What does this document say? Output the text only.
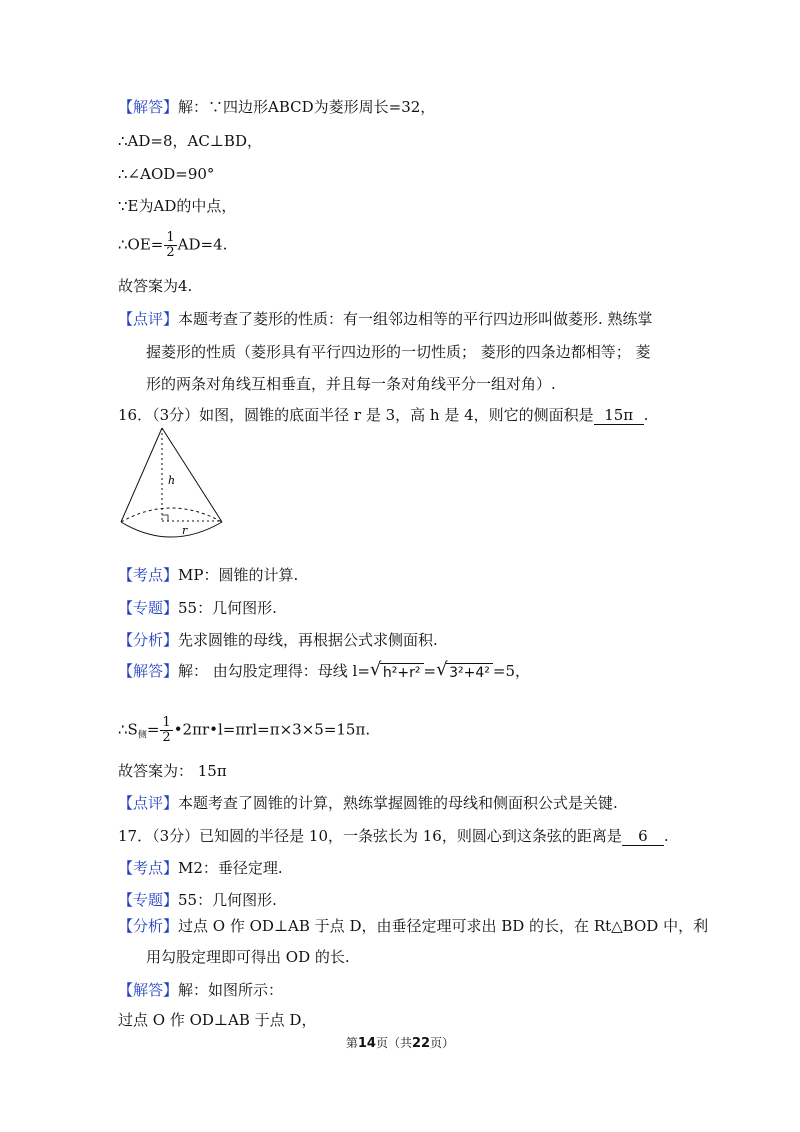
【解答】解：∵四边形ABCD为菱形周长=32，
∴AD=8，AC⊥BD，
∴∠AOD=90°
∵E为AD的中点，
∴OE= $\frac{1}{2} AD=4$.
故答案为4.
【点评】本题考查了菱形的性质：有一组邻边相等的平行四边形叫做菱形. 熟练掌
握菱形的性质（菱形具有平行四边形的一切性质； 菱形的四条边都相等； 菱
形的两条对角线互相垂直，并且每一条对角线平分一组对角）.
16．（3分）如图，圆锥的底面半径 r 是 3，高 h 是 4，则它的侧面积是 15π .
h
r
【考点】MP：圆锥的计算.
【专题】55：几何图形.
【分析】先求圆锥的母线，再根据公式求侧面积.
【解答】解： 由勾股定理得：母线 l= √ h²+r² = √ 3²+4² =5，
$\therefore S_侧= \frac{1}{2}$ •2πr•l=πrl=π×3×5=15π.
故答案为： 15π
【点评】本题考查了圆锥的计算，熟练掌握圆锥的母线和侧面积公式是关键.
17．（3分）已知圆的半径是 10，一条弦长为 16，则圆心到这条弦的距离是 6 .
【考点】M2：垂径定理.
【专题】55：几何图形.
【分析】过点 O 作 OD⊥AB 于点 D，由垂径定理可求出 BD 的长，在 Rt△BOD 中，利
用勾股定理即可得出 OD 的长.
【解答】解：如图所示：
过点 O 作 OD⊥AB 于点 D，
第14页（共22页）
